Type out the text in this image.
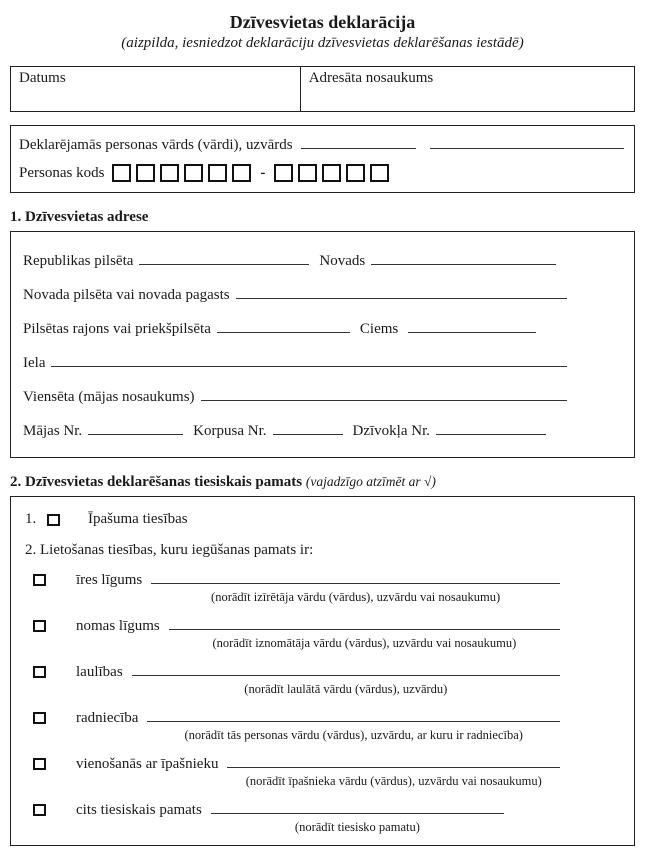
Dzīvesvietas deklarācija
(aizpilda, iesniedzot deklarāciju dzīvesvietas deklarēšanas iestādē)
Datums	Adresāta nosaukums
Deklarējamās personas vārds (vārdi), uzvārds
Personas kods	-
1. Dzīvesvietas adrese
Republikas pilsēta	Novads
Novada pilsēta vai novada pagasts
Pilsētas rajons vai priekšpilsēta	Ciems
Iela
Viensēta (mājas nosaukums)
Mājas Nr.	Korpusa Nr.	Dzīvokļa Nr.
2. Dzīvesvietas deklarēšanas tiesiskais pamats (vajadzīgo atzīmēt ar √)
1.	Īpašuma tiesības
2. Lietošanas tiesības, kuru iegūšanas pamats ir:
īres līgums
(norādīt izīrētāja vārdu (vārdus), uzvārdu vai nosaukumu)
nomas līgums
(norādīt iznomātāja vārdu (vārdus), uzvārdu vai nosaukumu)
laulības
(norādīt laulātā vārdu (vārdus), uzvārdu)
radniecība
(norādīt tās personas vārdu (vārdus), uzvārdu, ar kuru ir radniecība)
vienošanās ar īpašnieku
(norādīt īpašnieka vārdu (vārdus), uzvārdu vai nosaukumu)
cits tiesiskais pamats
(norādīt tiesisko pamatu)
